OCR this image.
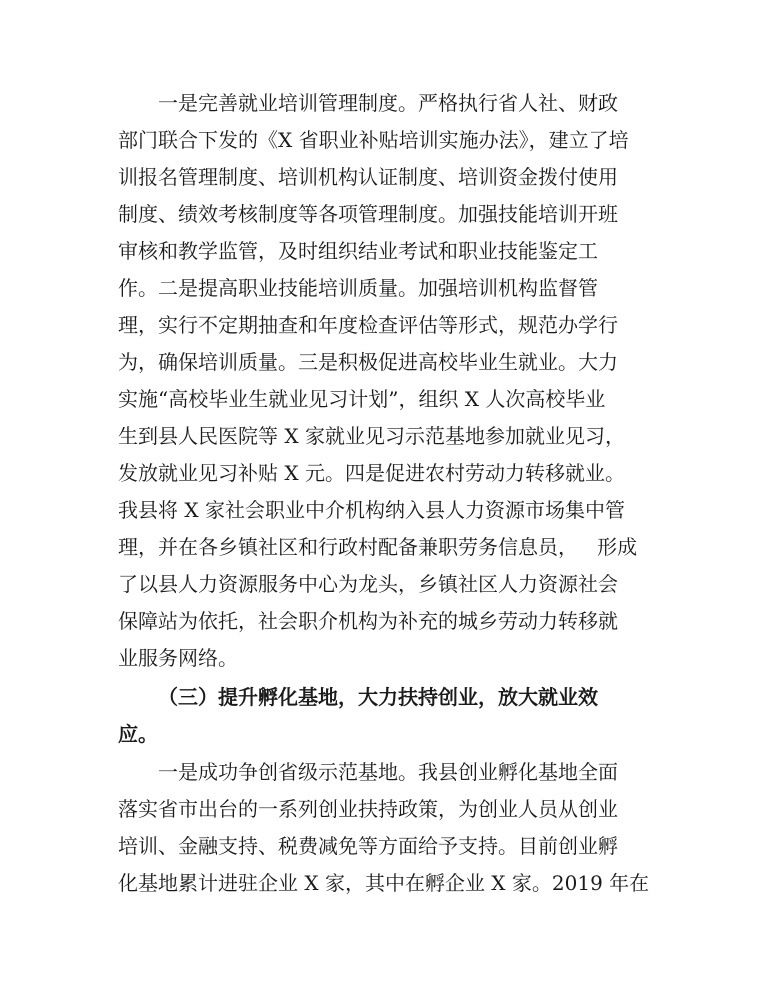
一是完善就业培训管理制度。严格执行省人社、财政
部门联合下发的《X 省职业补贴培训实施办法》，建立了培
训报名管理制度、培训机构认证制度、培训资金拨付使用
制度、绩效考核制度等各项管理制度。加强技能培训开班
审核和教学监管，及时组织结业考试和职业技能鉴定工
作。二是提高职业技能培训质量。加强培训机构监督管
理，实行不定期抽查和年度检查评估等形式，规范办学行
为，确保培训质量。三是积极促进高校毕业生就业。大力
实施“高校毕业生就业见习计划”，组织 X 人次高校毕业
生到县人民医院等 X 家就业见习示范基地参加就业见习，
发放就业见习补贴 X 元。四是促进农村劳动力转移就业。
我县将 X 家社会职业中介机构纳入县人力资源市场集中管
理，并在各乡镇社区和行政村配备兼职劳务信息员，   形成
了以县人力资源服务中心为龙头，乡镇社区人力资源社会
保障站为依托，社会职介机构为补充的城乡劳动力转移就
业服务网络。
（三）提升孵化基地，大力扶持创业，放大就业效
应。
一是成功争创省级示范基地。我县创业孵化基地全面
落实省市出台的一系列创业扶持政策，为创业人员从创业
培训、金融支持、税费减免等方面给予支持。目前创业孵
化基地累计进驻企业 X 家，其中在孵企业 X 家。2019 年在
